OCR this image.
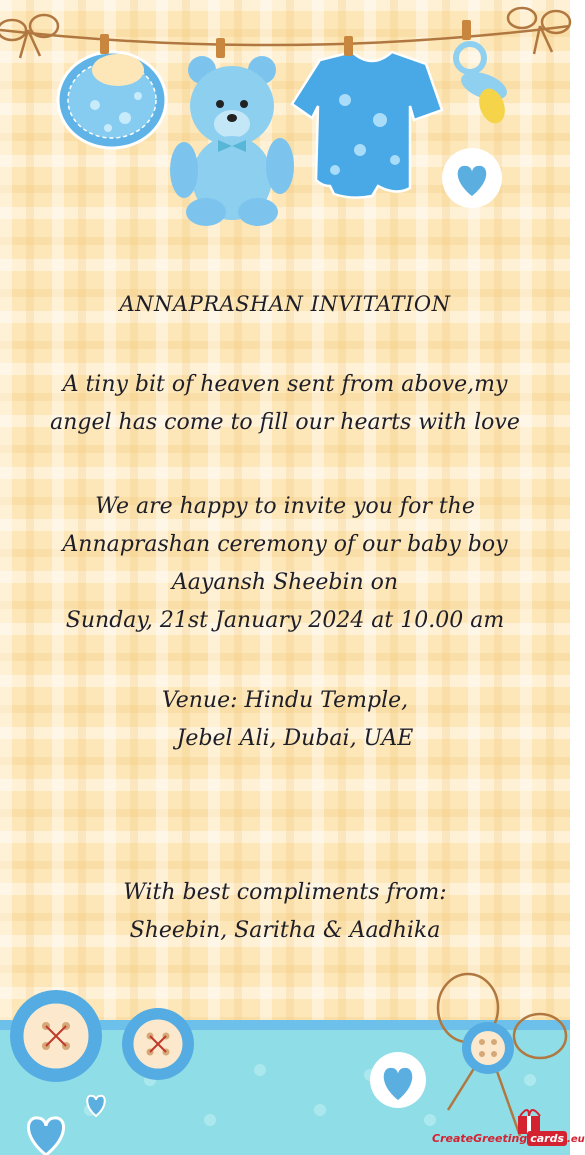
ANNAPRASHAN INVITATION
A tiny bit of heaven sent from above,my
angel has come to fill our hearts with love
We are happy to invite you for the
Annaprashan ceremony of our baby boy
Aayansh Sheebin on
Sunday, 21st January 2024 at 10.00 am
Venue: Hindu Temple,
Jebel Ali, Dubai, UAE
With best compliments from:
Sheebin, Saritha & Aadhika
CreateGreeting cards .eu
